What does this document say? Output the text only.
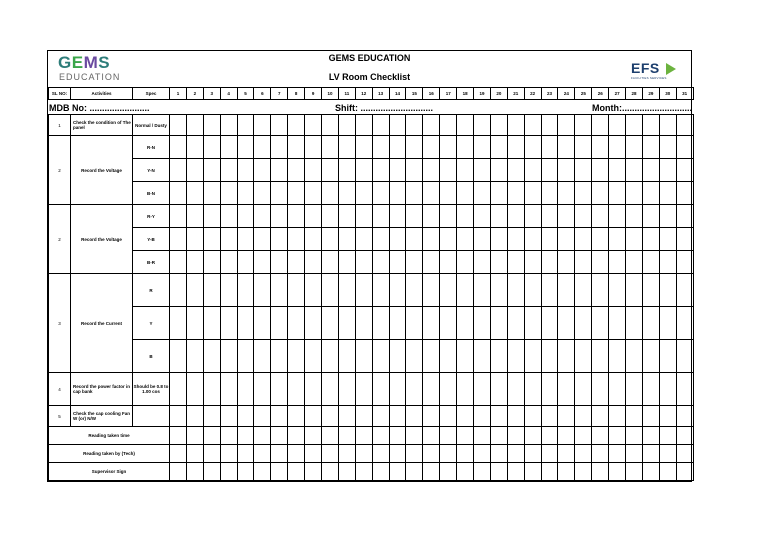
GEMS
EDUCATION
GEMS EDUCATION
LV Room Checklist
EFS
FACILITIES SERVICES
SL NO:	Activities	Spec	1	2	3	4	5	6	7	8	9	10	11	12	13	14	15	16	17	18	19	20	21	22	23	24	25	26	27	28	29	30	31

1	Check the condition of The panel	Normal / Dusty																															
2	Record the Voltage	R-N																															
		Y-N																															
		B-N																															
2	Record the Voltage	R-Y																															
		Y-B																															
		B-R																															
3	Record the Current	R																															
		Y																															
		B																															
4	Record the power factor in cap bank	Should be 0.8 to 1.00 cos																															
5	Check the cap cooling Fan W (or) N/W																																
Reading taken time																																	
Reading taken by (Tech)																																	
Supervisor Sign																																	
MDB No: ........................	Shift: .............................	Month:............................
